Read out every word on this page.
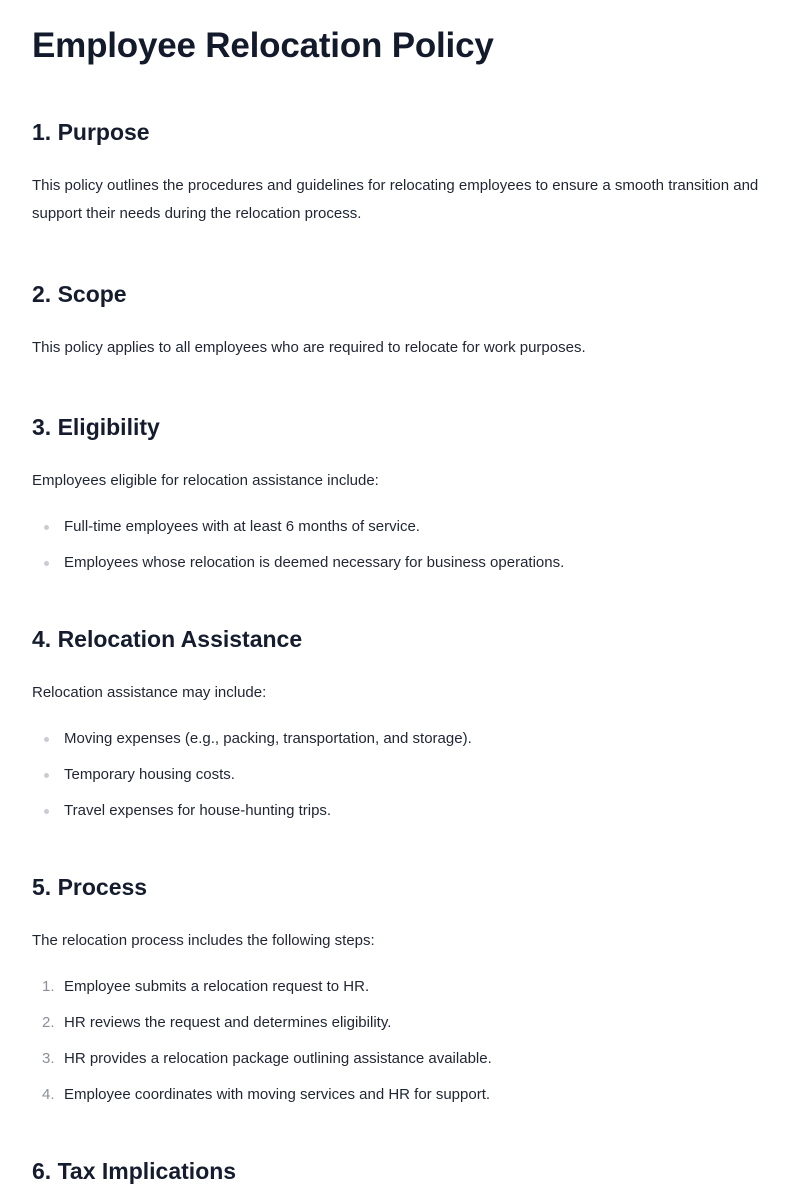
Employee Relocation Policy
1. Purpose

This policy outlines the procedures and guidelines for relocating employees to ensure a smooth transition and support their needs during the relocation process.

2. Scope

This policy applies to all employees who are required to relocate for work purposes.

3. Eligibility

Employees eligible for relocation assistance include:

Full-time employees with at least 6 months of service.
Employees whose relocation is deemed necessary for business operations.
4. Relocation Assistance

Relocation assistance may include:

Moving expenses (e.g., packing, transportation, and storage).
Temporary housing costs.
Travel expenses for house-hunting trips.
5. Process

The relocation process includes the following steps:

1. Employee submits a relocation request to HR.
2. HR reviews the request and determines eligibility.
3. HR provides a relocation package outlining assistance available.
4. Employee coordinates with moving services and HR for support.
6. Tax Implications
